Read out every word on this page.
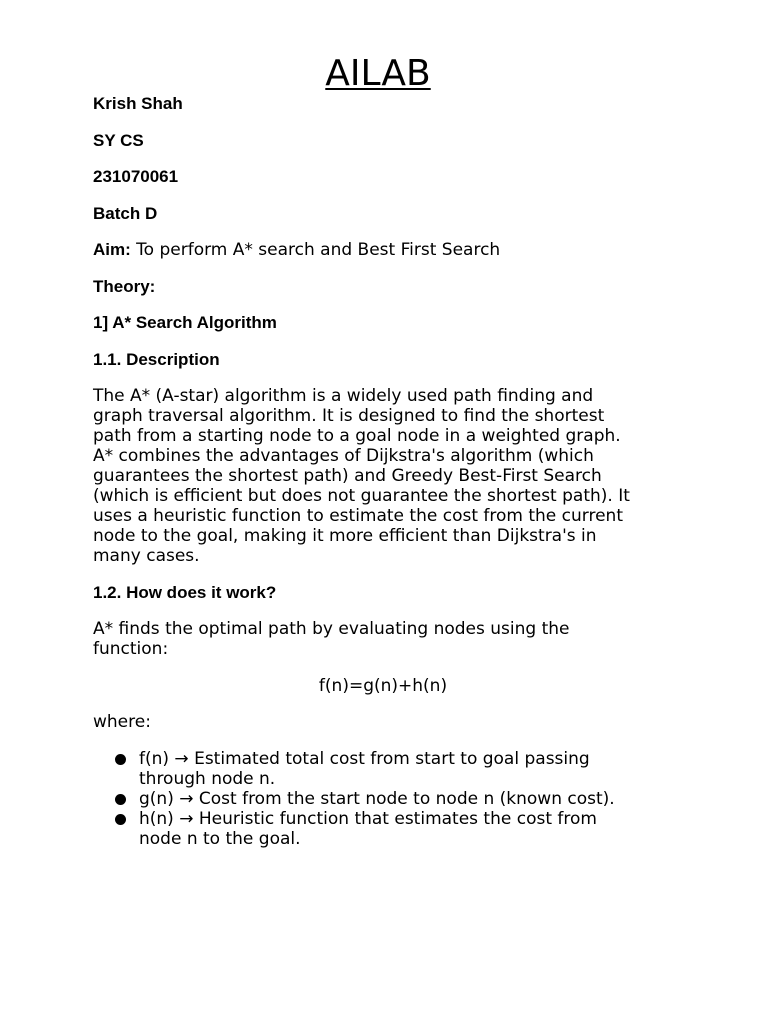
AILAB

Krish Shah

SY CS

231070061

Batch D

Aim: To perform A* search and Best First Search

Theory:

1] A* Search Algorithm

1.1. Description

The A* (A-star) algorithm is a widely used path finding and
graph traversal algorithm. It is designed to find the shortest
path from a starting node to a goal node in a weighted graph.
A* combines the advantages of Dijkstra's algorithm (which
guarantees the shortest path) and Greedy Best-First Search
(which is efficient but does not guarantee the shortest path). It
uses a heuristic function to estimate the cost from the current
node to the goal, making it more efficient than Dijkstra's in
many cases.

1.2. How does it work?

A* finds the optimal path by evaluating nodes using the
function:

f(n)=g(n)+h(n)

where:

f(n) → Estimated total cost from start to goal passing
through node n.
g(n) → Cost from the start node to node n (known cost).
h(n) → Heuristic function that estimates the cost from
node n to the goal.
